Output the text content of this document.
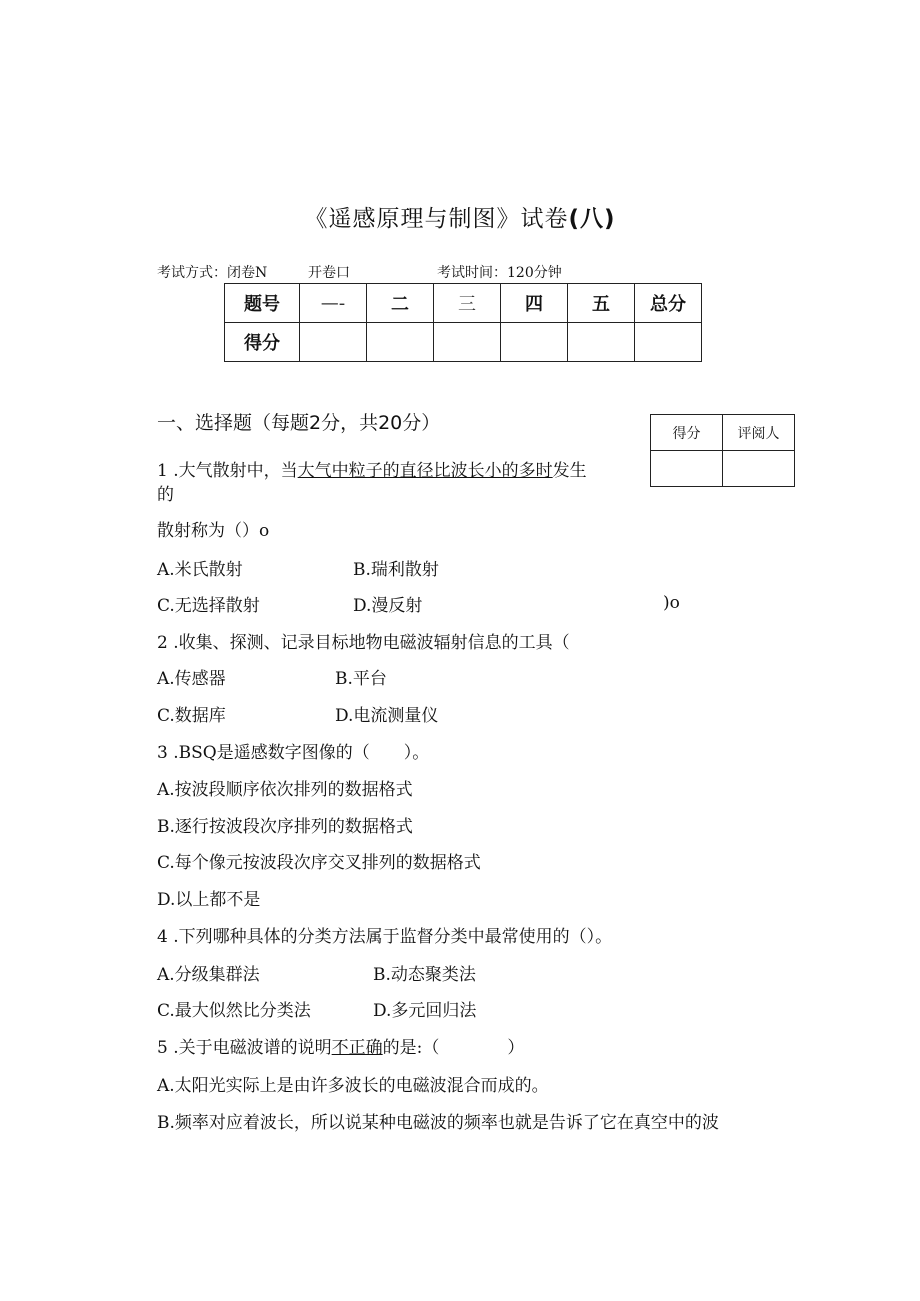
《遥感原理与制图》试卷(八)
考试方式：闭卷N	开卷口	考试时间：120分钟
题号	—-	二	三	四	五	总分
得分						
一、选择题（每题2分，共20分）	得分	评阅人

1 .大气散射中，当大气中粒子的直径比波长小的多时发生
的
散射称为（）o
A.米氏散射	B.瑞利散射
C.无选择散射	D.漫反射	)o
2 .收集、探测、记录目标地物电磁波辐射信息的工具（
A.传感器	B.平台
C.数据库	D.电流测量仪
3 .BSQ是遥感数字图像的（　　）。
A.按波段顺序依次排列的数据格式
B.逐行按波段次序排列的数据格式
C.每个像元按波段次序交叉排列的数据格式
D.以上都不是
4 .下列哪种具体的分类方法属于监督分类中最常使用的（）。
A.分级集群法	B.动态聚类法
C.最大似然比分类法	D.多元回归法
5 .关于电磁波谱的说明不正确的是:（　　　　）
A.太阳光实际上是由许多波长的电磁波混合而成的。
B.频率对应着波长，所以说某种电磁波的频率也就是告诉了它在真空中的波
